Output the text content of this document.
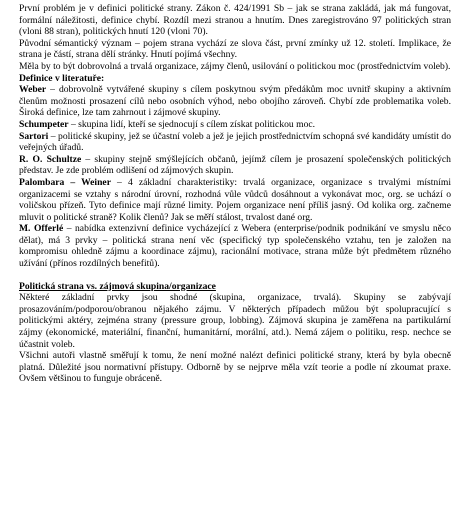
První problém je v definici politické strany. Zákon č. 424/1991 Sb – jak se strana zakládá, jak má fungovat, formální náležitosti, definice chybí. Rozdíl mezi stranou a hnutím. Dnes zaregistrováno 97 politických stran (vloni 88 stran), politických hnutí 120 (vloni 70).

Původní sémantický význam – pojem strana vychází ze slova část, první zmínky už 12. století. Implikace, že strana je částí, strana dělí stránky. Hnutí pojímá všechny.

Měla by to být dobrovolná a trvalá organizace, zájmy členů, usilování o politickou moc (prostřednictvím voleb).

Definice v literatuře:

Weber – dobrovolně vytvářené skupiny s cílem poskytnou svým předákům moc uvnitř skupiny a aktivním členům možnosti prosazení cílů nebo osobních výhod, nebo obojího zároveň. Chybí zde problematika voleb. Široká definice, lze tam zahrnout i zájmové skupiny.

Schumpeter – skupina lidí, kteří se sjednocují s cílem získat politickou moc.

Sartori – politické skupiny, jež se účastní voleb a jež je jejich prostřednictvím schopná své kandidáty umístit do veřejných úřadů.

R. O. Schultze – skupiny stejně smýšlejících občanů, jejímž cílem je prosazení společenských politických představ. Je zde problém odlišení od zájmových skupin.

Palombara – Weiner – 4 základní charakteristiky: trvalá organizace, organizace s trvalými místními organizacemi se vztahy s národní úrovní, rozhodná vůle vůdců dosáhnout a vykonávat moc, org. se uchází o voličskou přízeň. Tyto definice mají různé limity. Pojem organizace není příliš jasný. Od kolika org. začneme mluvit o politické straně? Kolik členů? Jak se měří stálost, trvalost dané org.

M. Offerlé – nabídka extenzivní definice vycházející z Webera (enterprise/podnik podnikání ve smyslu něco dělat), má 3 prvky – politická strana není věc (specifický typ společenského vztahu, ten je založen na kompromisu ohledně zájmu a koordinace zájmu), racionální motivace, strana může být předmětem různého užívání (přínos rozdílných benefitů).

Politická strana vs. zájmová skupina/organizace

Některé základní prvky jsou shodné (skupina, organizace, trvalá). Skupiny se zabývají prosazováním/podporou/obranou nějakého zájmu. V některých případech můžou být spolupracující s politickými aktéry, zejména strany (pressure group, lobbing). Zájmová skupina je zaměřena na partikulární zájmy (ekonomické, materiální, finanční, humanitární, morální, atd.). Nemá zájem o politiku, resp. nechce se účastnit voleb.

Všichni autoři vlastně směřují k tomu, že není možné nalézt definici politické strany, která by byla obecně platná. Důležité jsou normativní přístupy. Odborně by se nejprve měla vzít teorie a podle ní zkoumat praxe. Ovšem většinou to funguje obráceně.
